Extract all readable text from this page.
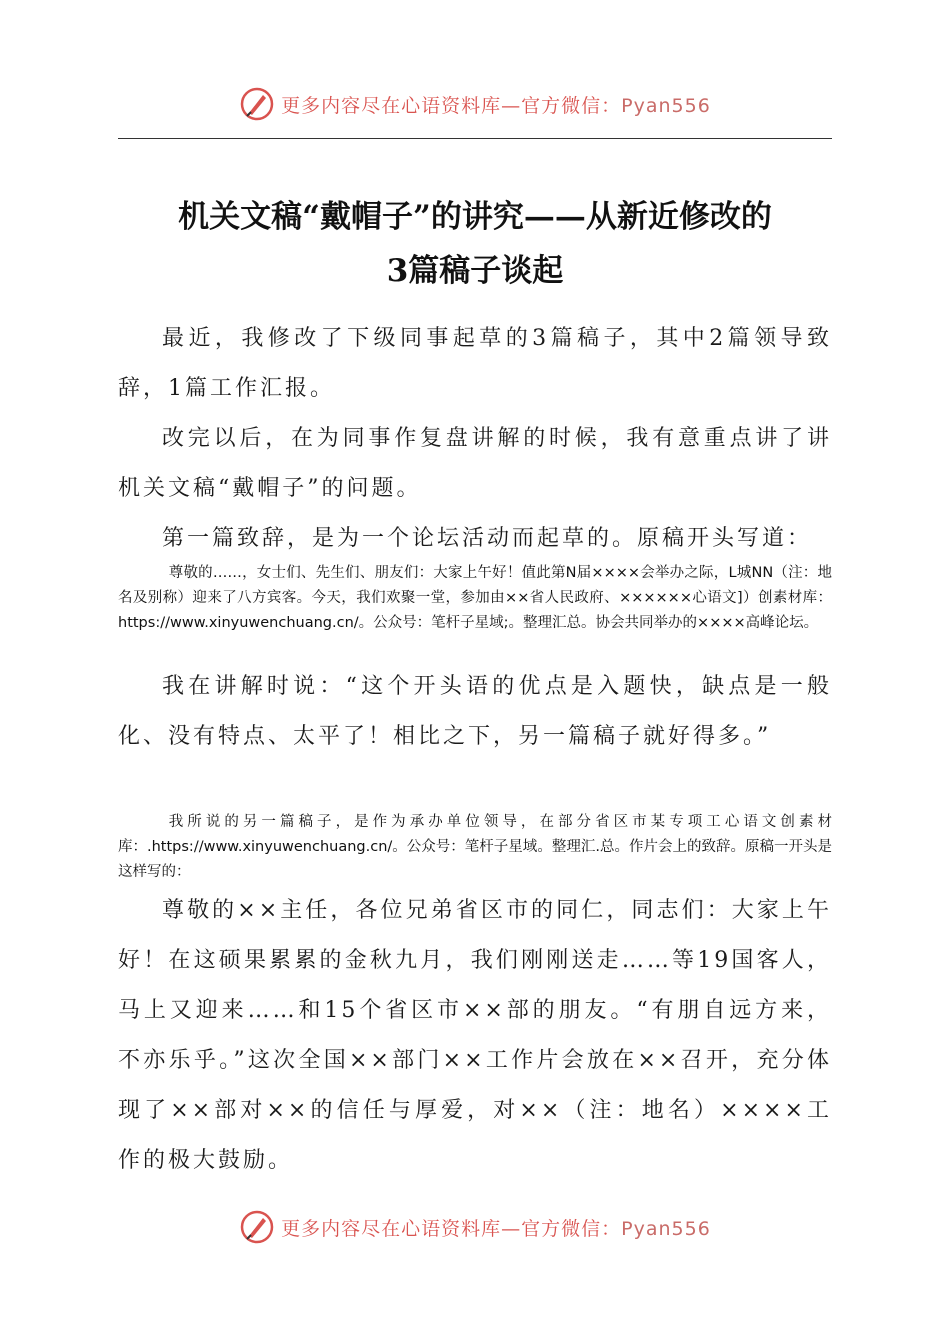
更多内容尽在心语资料库—官方微信：Pyan556
机关文稿“戴帽子”的讲究——从新近修改的
3篇稿子谈起

最近，我修改了下级同事起草的3篇稿子，其中2篇领导致辞，1篇工作汇报。

改完以后，在为同事作复盘讲解的时候，我有意重点讲了讲机关文稿“戴帽子”的问题。

第一篇致辞，是为一个论坛活动而起草的。原稿开头写道：

尊敬的……，女士们、先生们、朋友们：大家上午好！值此第N届××××会举办之际，L城NN（注：地名及别称）迎来了八方宾客。今天，我们欢聚一堂，参加由××省人民政府、××××××心语文]）创素材库：https://www.xinyuwenchuang.cn/。公众号：笔杆子星域;。整理汇总。协会共同举办的××××高峰论坛。

我在讲解时说：“这个开头语的优点是入题快，缺点是一般化、没有特点、太平了！相比之下，另一篇稿子就好得多。”

我所说的另一篇稿子，是作为承办单位领导，在部分省区市某专项工心语文创素材库：.https://www.xinyuwenchuang.cn/。公众号：笔杆子星域。整理汇.总。作片会上的致辞。原稿一开头是这样写的：

尊敬的××主任，各位兄弟省区市的同仁，同志们：大家上午好！在这硕果累累的金秋九月，我们刚刚送走……等19国客人，马上又迎来……和15个省区市××部的朋友。“有朋自远方来，不亦乐乎。”这次全国××部门××工作片会放在××召开，充分体现了××部对××的信任与厚爱，对××（注：地名）××××工作的极大鼓励。

更多内容尽在心语资料库—官方微信：Pyan556
